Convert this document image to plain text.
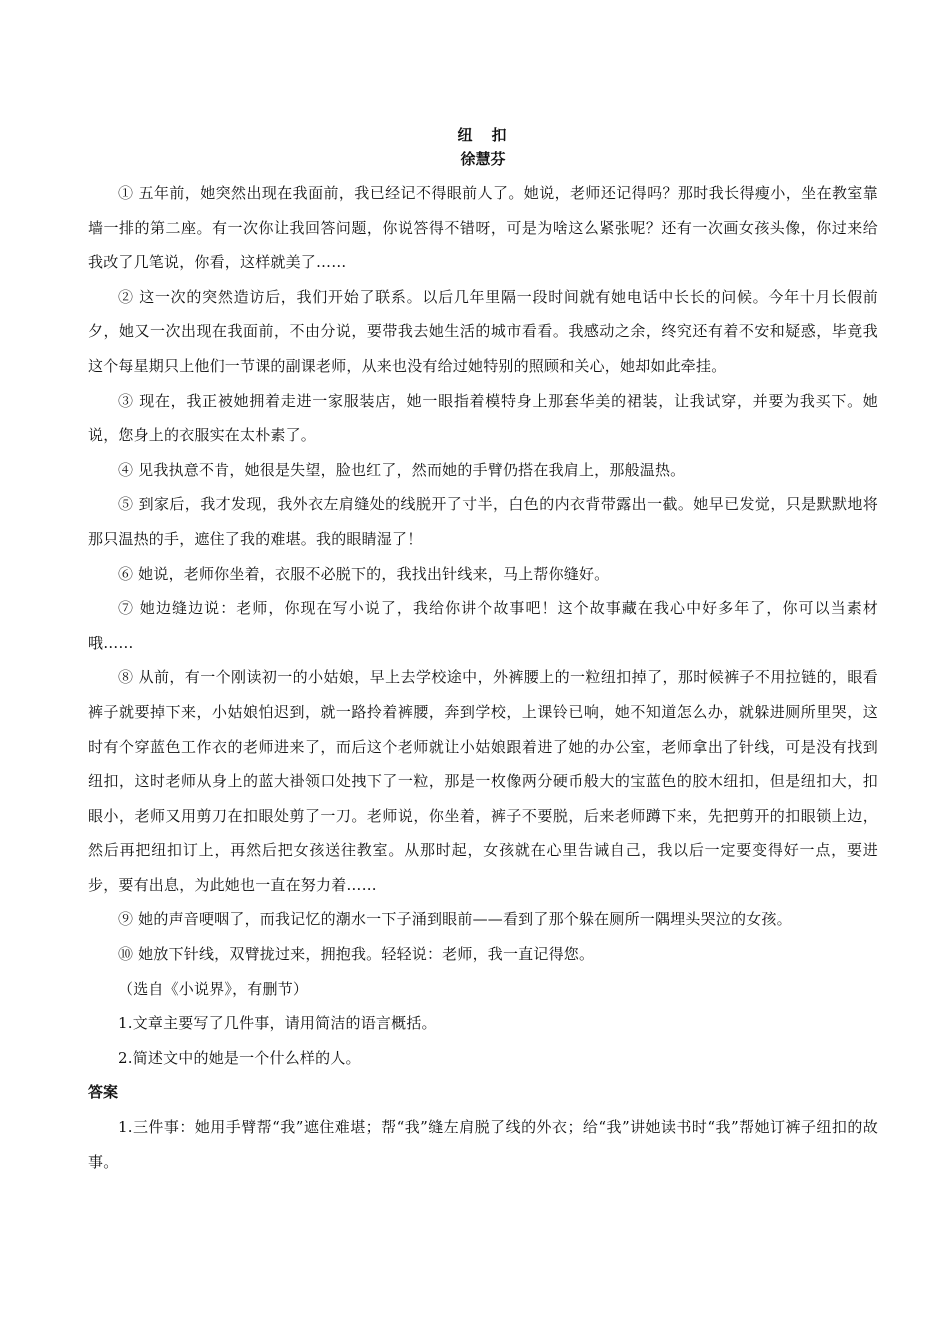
纽　扣

徐慧芬

① 五年前，她突然出现在我面前，我已经记不得眼前人了。她说，老师还记得吗？那时我长得瘦小，坐在教室靠墙一排的第二座。有一次你让我回答问题，你说答得不错呀，可是为啥这么紧张呢？还有一次画女孩头像，你过来给我改了几笔说，你看，这样就美了……

② 这一次的突然造访后，我们开始了联系。以后几年里隔一段时间就有她电话中长长的问候。今年十月长假前夕，她又一次出现在我面前，不由分说，要带我去她生活的城市看看。我感动之余，终究还有着不安和疑惑，毕竟我这个每星期只上他们一节课的副课老师，从来也没有给过她特别的照顾和关心，她却如此牵挂。

③ 现在，我正被她拥着走进一家服装店，她一眼指着模特身上那套华美的裙装，让我试穿，并要为我买下。她说，您身上的衣服实在太朴素了。

④ 见我执意不肯，她很是失望，脸也红了，然而她的手臂仍搭在我肩上，那般温热。

⑤ 到家后，我才发现，我外衣左肩缝处的线脱开了寸半，白色的内衣背带露出一截。她早已发觉，只是默默地将那只温热的手，遮住了我的难堪。我的眼睛湿了！

⑥ 她说，老师你坐着，衣服不必脱下的，我找出针线来，马上帮你缝好。

⑦ 她边缝边说：老师，你现在写小说了，我给你讲个故事吧！这个故事藏在我心中好多年了，你可以当素材哦……

⑧ 从前，有一个刚读初一的小姑娘，早上去学校途中，外裤腰上的一粒纽扣掉了，那时候裤子不用拉链的，眼看裤子就要掉下来，小姑娘怕迟到，就一路拎着裤腰，奔到学校，上课铃已响，她不知道怎么办，就躲进厕所里哭，这时有个穿蓝色工作衣的老师进来了，而后这个老师就让小姑娘跟着进了她的办公室，老师拿出了针线，可是没有找到纽扣，这时老师从身上的蓝大褂领口处拽下了一粒，那是一枚像两分硬币般大的宝蓝色的胶木纽扣，但是纽扣大，扣眼小，老师又用剪刀在扣眼处剪了一刀。老师说，你坐着，裤子不要脱，后来老师蹲下来，先把剪开的扣眼锁上边，然后再把纽扣订上，再然后把女孩送往教室。从那时起，女孩就在心里告诫自己，我以后一定要变得好一点，要进步，要有出息，为此她也一直在努力着……

⑨ 她的声音哽咽了，而我记忆的潮水一下子涌到眼前——看到了那个躲在厕所一隅埋头哭泣的女孩。

⑩ 她放下针线，双臂拢过来，拥抱我。轻轻说：老师，我一直记得您。

（选自《小说界》，有删节）

1.文章主要写了几件事，请用简洁的语言概括。

2.简述文中的她是一个什么样的人。

答案

1.三件事：她用手臂帮“我”遮住难堪；帮“我”缝左肩脱了线的外衣；给“我”讲她读书时“我”帮她订裤子纽扣的故事。
